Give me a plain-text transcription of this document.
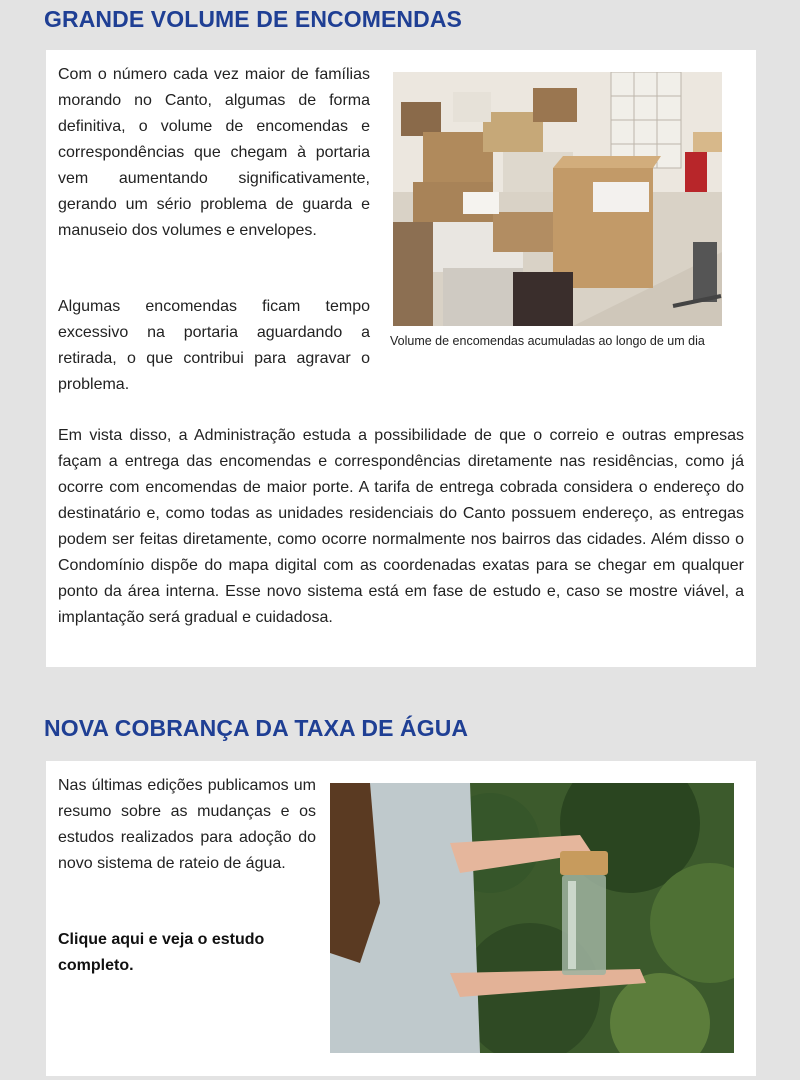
GRANDE VOLUME DE ENCOMENDAS

Com o número cada vez maior de famílias morando no Canto, algumas de forma definitiva, o volume de encomendas e correspondências que chegam à portaria vem aumentando significativamente, gerando um sério problema de guarda e manuseio dos volumes e envelopes.

Algumas encomendas ficam tempo excessivo na portaria aguardando a retirada, o que contribui para agravar o problema.

Volume de encomendas acumuladas ao longo de um dia

Em vista disso, a Administração estuda a possibilidade de que o correio e outras empresas façam a entrega das encomendas e correspondências diretamente nas residências, como já ocorre com encomendas de maior porte. A tarifa de entrega cobrada considera o endereço do destinatário e, como todas as unidades residenciais do Canto possuem endereço, as entregas podem ser feitas diretamente, como ocorre normalmente nos bairros das cidades. Além disso o Condomínio dispõe do mapa digital com as coordenadas exatas para se chegar em qualquer ponto da área interna. Esse novo sistema está em fase de estudo e, caso se mostre viável, a implantação será gradual e cuidadosa.

NOVA COBRANÇA DA TAXA DE ÁGUA

Nas últimas edições publicamos um resumo sobre as mudanças e os estudos realizados para adoção do novo sistema de rateio de água.

Clique aqui e veja o estudo completo.
